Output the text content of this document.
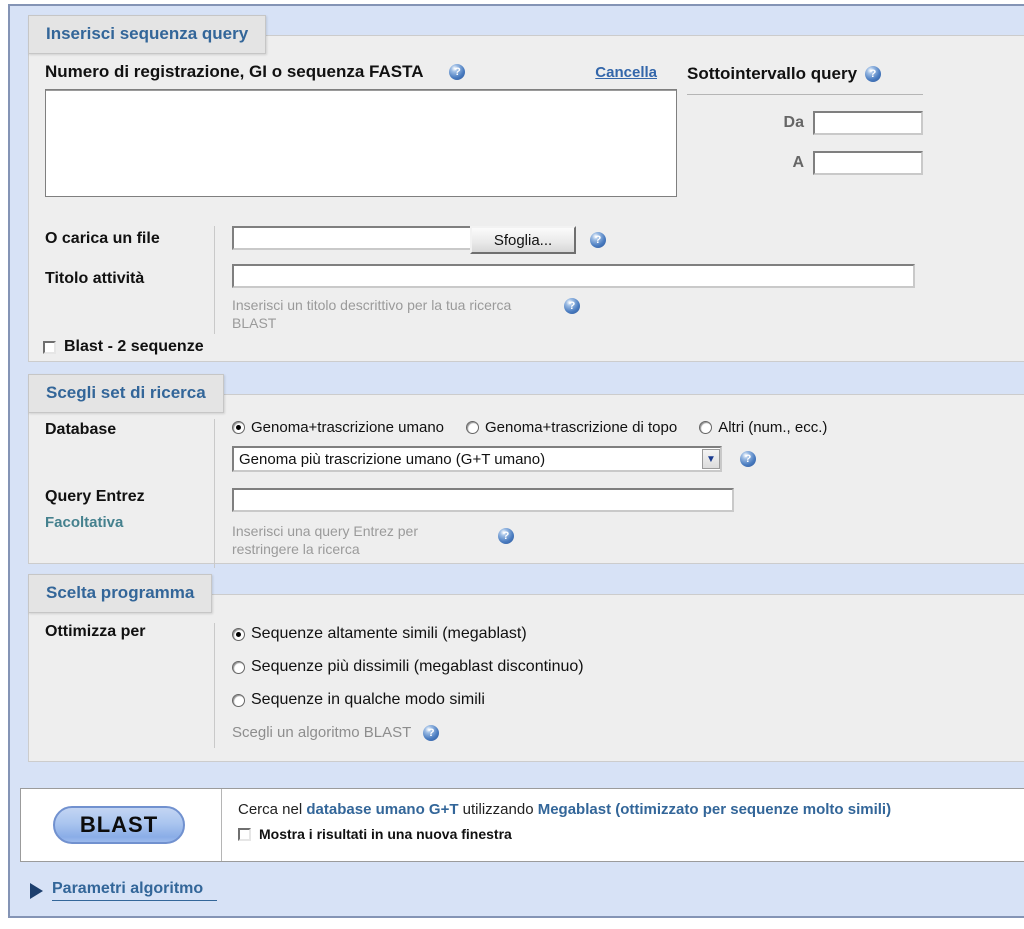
Inserisci sequenza query
Sottointervallo query	?
Da
A
Numero di registrazione, GI o sequenza FASTA	?	Cancella
O carica un file	Sfoglia...	?
Titolo attività
Inserisci un titolo descrittivo per la tua ricerca BLAST
?
Blast - 2 sequenze
Scegli set di ricerca
Database	Genoma+trascrizione umano	Genoma+trascrizione di topo	Altri (num., ecc.)
Genoma più trascrizione umano (G+T umano)	▼	?
Query Entrez
Facoltativa	Inserisci una query Entrez per restringere la ricerca
?
Scelta programma
Ottimizza per	Sequenze altamente simili (megablast)
Sequenze più dissimili (megablast discontinuo)
Sequenze in qualche modo simili
Scegli un algoritmo BLAST	?
BLAST
Cerca nel database umano G+T utilizzando Megablast (ottimizzato per sequenze molto simili)
Mostra i risultati in una nuova finestra
Parametri algoritmo
